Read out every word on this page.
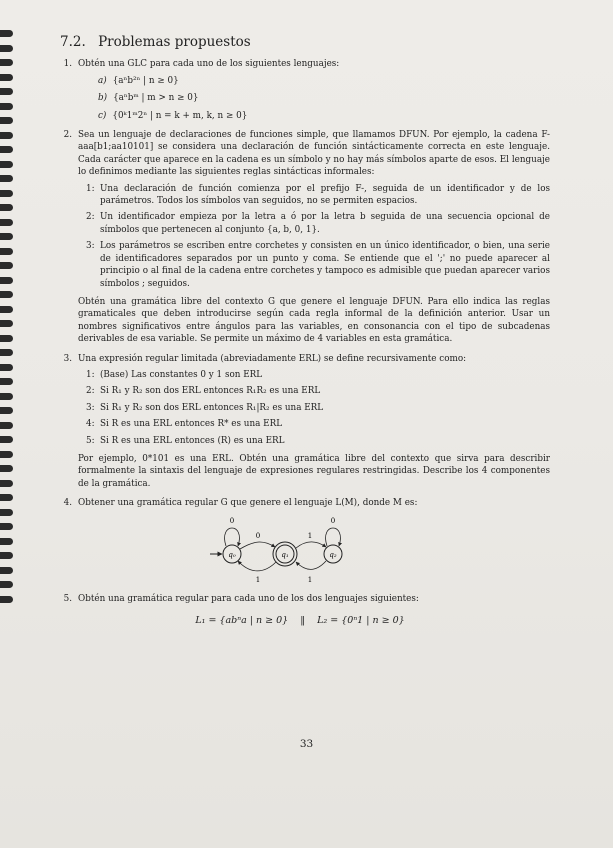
7.2. Problemas propuestos
1. Obtén una GLC para cada uno de los siguientes lenguajes:
a) {aⁿb²ⁿ | n ≥ 0}
b) {aⁿbᵐ | m > n ≥ 0}
c) {0ᵏ1ᵐ2ⁿ | n = k + m, k, n ≥ 0}
2. Sea un lenguaje de declaraciones de funciones simple, que llamamos DFUN. Por ejemplo, la cadena F-aaa[b1;aa10101] se considera una declaración de función sintácticamente correcta en este lenguaje. Cada carácter que aparece en la cadena es un símbolo y no hay más símbolos aparte de esos. El lenguaje lo definimos mediante las siguientes reglas sintácticas informales:
1: Una declaración de función comienza por el prefijo F-, seguida de un identificador y de los parámetros. Todos los símbolos van seguidos, no se permiten espacios.
2: Un identificador empieza por la letra a ó por la letra b seguida de una secuencia opcional de símbolos que pertenecen al conjunto {a, b, 0, 1}.
3: Los parámetros se escriben entre corchetes y consisten en un único identificador, o bien, una serie de identificadores separados por un punto y coma. Se entiende que el ';' no puede aparecer al principio o al final de la cadena entre corchetes y tampoco es admisible que puedan aparecer varios símbolos ; seguidos.
Obtén una gramática libre del contexto G que genere el lenguaje DFUN. Para ello indica las reglas gramaticales que deben introducirse según cada regla informal de la definición anterior. Usar un nombres significativos entre ángulos para las variables, en consonancia con el tipo de subcadenas derivables de esa variable. Se permite un máximo de 4 variables en esta gramática.
3. Una expresión regular limitada (abreviadamente ERL) se define recursivamente como:
1: (Base) Las constantes 0 y 1 son ERL
2: Si R₁ y R₂ son dos ERL entonces R₁R₂ es una ERL
3: Si R₁ y R₂ son dos ERL entonces R₁|R₂ es una ERL
4: Si R es una ERL entonces R* es una ERL
5: Si R es una ERL entonces (R) es una ERL
Por ejemplo, 0*101 es una ERL. Obtén una gramática libre del contexto que sirva para describir formalmente la sintaxis del lenguaje de expresiones regulares restringidas. Describe los 4 componentes de la gramática.
4. Obtener una gramática regular G que genere el lenguaje L(M), donde M es:
q₀	q₁	q₂
0
0
1
1
0
1
5. Obtén una gramática regular para cada uno de los dos lenguajes siguientes:
L₁ = {abⁿa | n ≥ 0} ‖ L₂ = {0ⁿ1 | n ≥ 0}
33
